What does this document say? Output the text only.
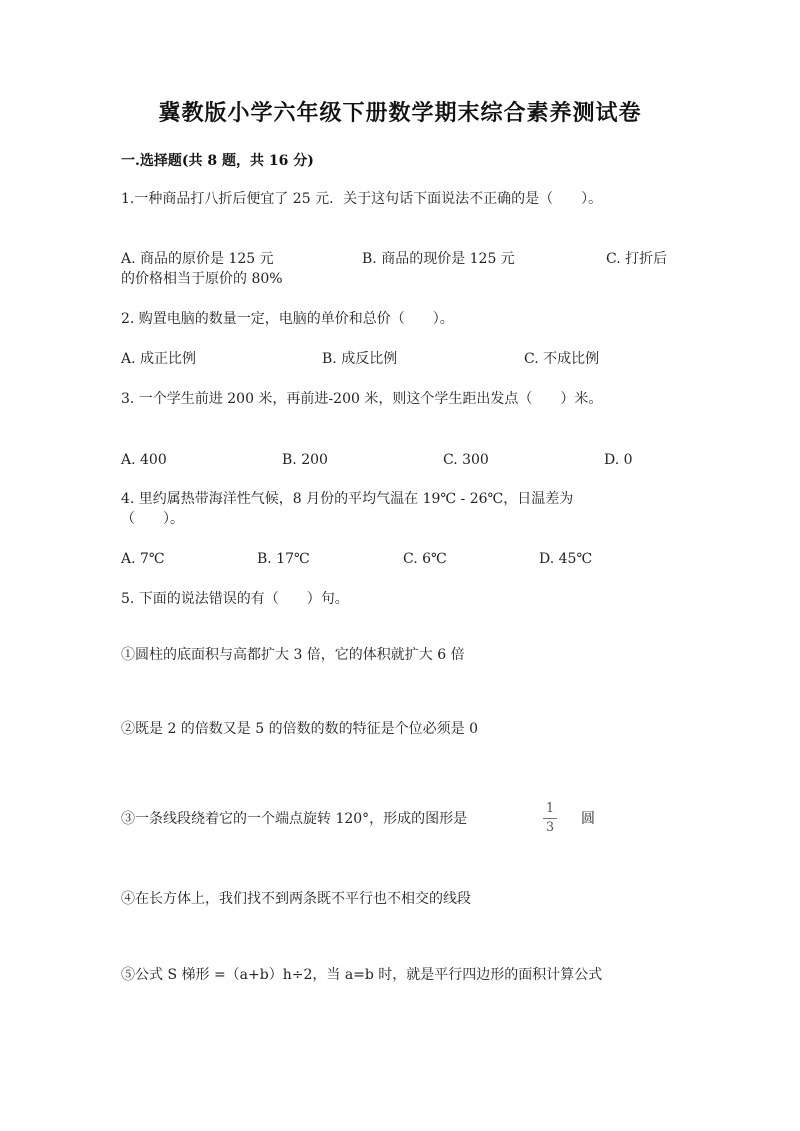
冀教版小学六年级下册数学期末综合素养测试卷
一.选择题(共 8 题，共 16 分)
1.一种商品打八折后便宜了 25 元．关于这句话下面说法不正确的是（　　）。
A. 商品的原价是 125 元	B. 商品的现价是 125 元	C. 打折后
的价格相当于原价的 80%
2. 购置电脑的数量一定，电脑的单价和总价（　　）。
A. 成正比例	B. 成反比例	C. 不成比例
3. 一个学生前进 200 米，再前进-200 米，则这个学生距出发点（　　）米。
A. 400	B. 200	C. 300	D. 0
4. 里约属热带海洋性气候，8 月份的平均气温在 19℃ - 26℃，日温差为
（　　）。
A. 7℃	B. 17℃	C. 6℃	D. 45℃
5. 下面的说法错误的有（　　）句。
①圆柱的底面积与高都扩大 3 倍，它的体积就扩大 6 倍
②既是 2 的倍数又是 5 的倍数的数的特征是个位必须是 0
③一条线段绕着它的一个端点旋转 120°，形成的图形是
1
3
圆
④在长方体上，我们找不到两条既不平行也不相交的线段
⑤公式 S 梯形 =（a+b）h÷2，当 a=b 时，就是平行四边形的面积计算公式
